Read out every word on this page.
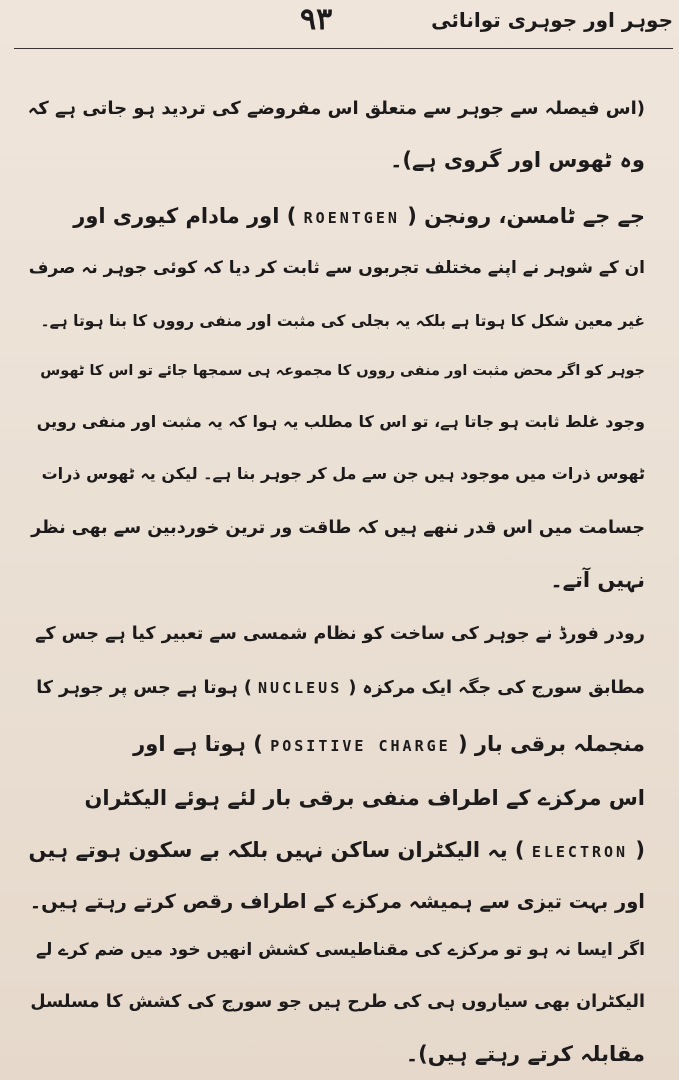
جوہر اور جوہری توانائی
۹۳
(اس فیصلہ سے جوہر سے متعلق اس مفروضے کی تردید ہو جاتی ہے کہ
وہ ٹھوس اور گروی ہے)۔
جے جے ٹامسن، رونجن ( ROENTGEN ) اور مادام کیوری اور
ان کے شوہر نے اپنے مختلف تجربوں سے ثابت کر دیا کہ کوئی جوہر نہ صرف
غیر معین شکل کا ہوتا ہے بلکہ یہ بجلی کی مثبت اور منفی رووں کا بنا ہوتا ہے۔
جوہر کو اگر محض مثبت اور منفی رووں کا مجموعہ ہی سمجھا جائے تو اس کا ٹھوس
وجود غلط ثابت ہو جاتا ہے، تو اس کا مطلب یہ ہوا کہ یہ مثبت اور منفی رویں
ٹھوس ذرات میں موجود ہیں جن سے مل کر جوہر بنا ہے۔ لیکن یہ ٹھوس ذرات
جسامت میں اس قدر ننھے ہیں کہ طاقت ور ترین خوردبین سے بھی نظر
نہیں آتے۔
رودر فورڈ نے جوہر کی ساخت کو نظام شمسی سے تعبیر کیا ہے جس کے
مطابق سورج کی جگہ ایک مرکزہ ( NUCLEUS ) ہوتا ہے جس پر جوہر کا
منجملہ برقی بار ( POSITIVE CHARGE ) ہوتا ہے اور
اس مرکزے کے اطراف منفی برقی بار لئے ہوئے الیکٹران
( ELECTRON ) یہ الیکٹران ساکن نہیں بلکہ بے سکون ہوتے ہیں
اور بہت تیزی سے ہمیشہ مرکزے کے اطراف رقص کرتے رہتے ہیں۔
اگر ایسا نہ ہو تو مرکزے کی مقناطیسی کشش انھیں خود میں ضم کرے لے
الیکٹران بھی سیاروں ہی کی طرح ہیں جو سورج کی کشش کا مسلسل
مقابلہ کرتے رہتے ہیں)۔
